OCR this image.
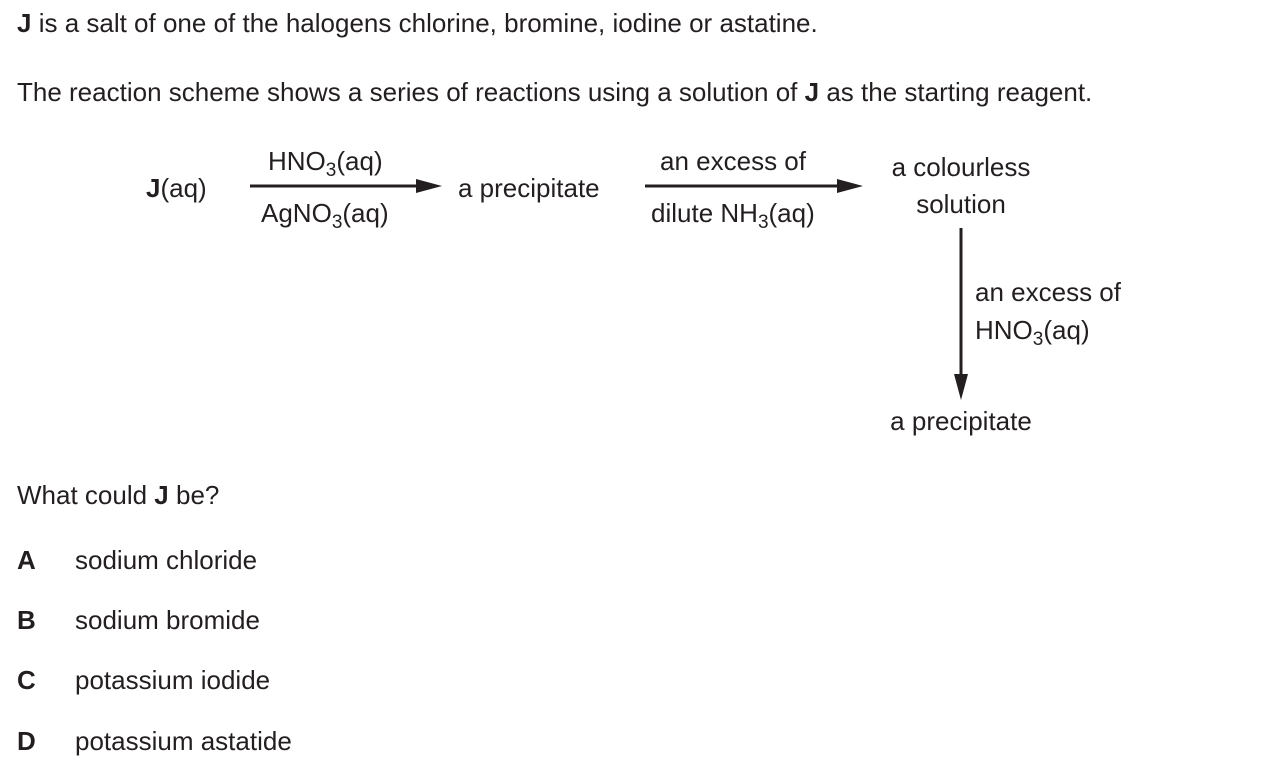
J is a salt of one of the halogens chlorine, bromine, iodine or astatine.
The reaction scheme shows a series of reactions using a solution of J as the starting reagent.
J(aq)
$HNO_3(aq)$
AgNO$_3$(aq)
a precipitate
an excess of
dilute $NH_3(aq)$
a colourless
solution
an excess of
$HNO_3(aq)$
a precipitate
What could J be?
A sodium chloride
B sodium bromide
C potassium iodide
D potassium astatide
